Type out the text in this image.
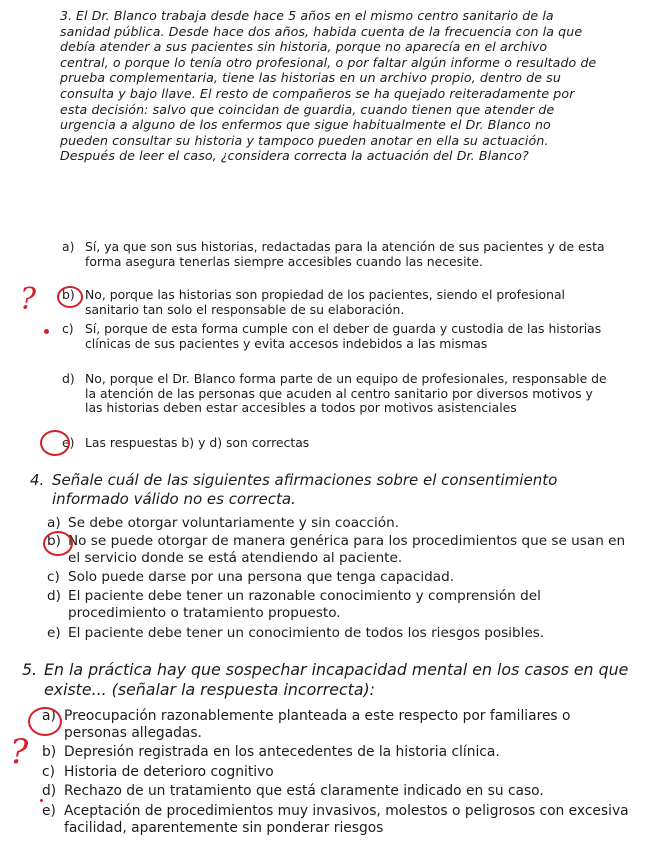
3. El Dr. Blanco trabaja desde hace 5 años en el mismo centro sanitario de la sanidad pública. Desde hace dos años, habida cuenta de la frecuencia con la que debía atender a sus pacientes sin historia, porque no aparecía en el archivo central, o porque lo tenía otro profesional, o por faltar algún informe o resultado de prueba complementaria, tiene las historias en un archivo propio, dentro de su consulta y bajo llave. El resto de compañeros se ha quejado reiteradamente por esta decisión: salvo que coincidan de guardia, cuando tienen que atender de urgencia a alguno de los enfermos que sigue habitualmente el Dr. Blanco no pueden consultar su historia y tampoco pueden anotar en ella su actuación.

Después de leer el caso, ¿considera correcta la actuación del Dr. Blanco?

a) Sí, ya que son sus historias, redactadas para la atención de sus pacientes y de esta forma asegura tenerlas siempre accesibles cuando las necesite.

b) No, porque las historias son propiedad de los pacientes, siendo el profesional sanitario tan solo el responsable de su elaboración.

c) Sí, porque de esta forma cumple con el deber de guarda y custodia de las historias clínicas de sus pacientes y evita accesos indebidos a las mismas

d) No, porque el Dr. Blanco forma parte de un equipo de profesionales, responsable de la atención de las personas que acuden al centro sanitario por diversos motivos y las historias deben estar accesibles a todos por motivos asistenciales

e) Las respuestas b) y d) son correctas

4. Señale cuál de las siguientes afirmaciones sobre el consentimiento informado válido no es correcta.

a) Se debe otorgar voluntariamente y sin coacción.

b) No se puede otorgar de manera genérica para los procedimientos que se usan en el servicio donde se está atendiendo al paciente.

c) Solo puede darse por una persona que tenga capacidad.

d) El paciente debe tener un razonable conocimiento y comprensión del procedimiento o tratamiento propuesto.

e) El paciente debe tener un conocimiento de todos los riesgos posibles.

5. En la práctica hay que sospechar incapacidad mental en los casos en que existe... (señalar la respuesta incorrecta):

a) Preocupación razonablemente planteada a este respecto por familiares o personas allegadas.

b) Depresión registrada en los antecedentes de la historia clínica.

c) Historia de deterioro cognitivo

d) Rechazo de un tratamiento que está claramente indicado en su caso.

e) Aceptación de procedimientos muy invasivos, molestos o peligrosos con excesiva facilidad, aparentemente sin ponderar riesgos

?
?
